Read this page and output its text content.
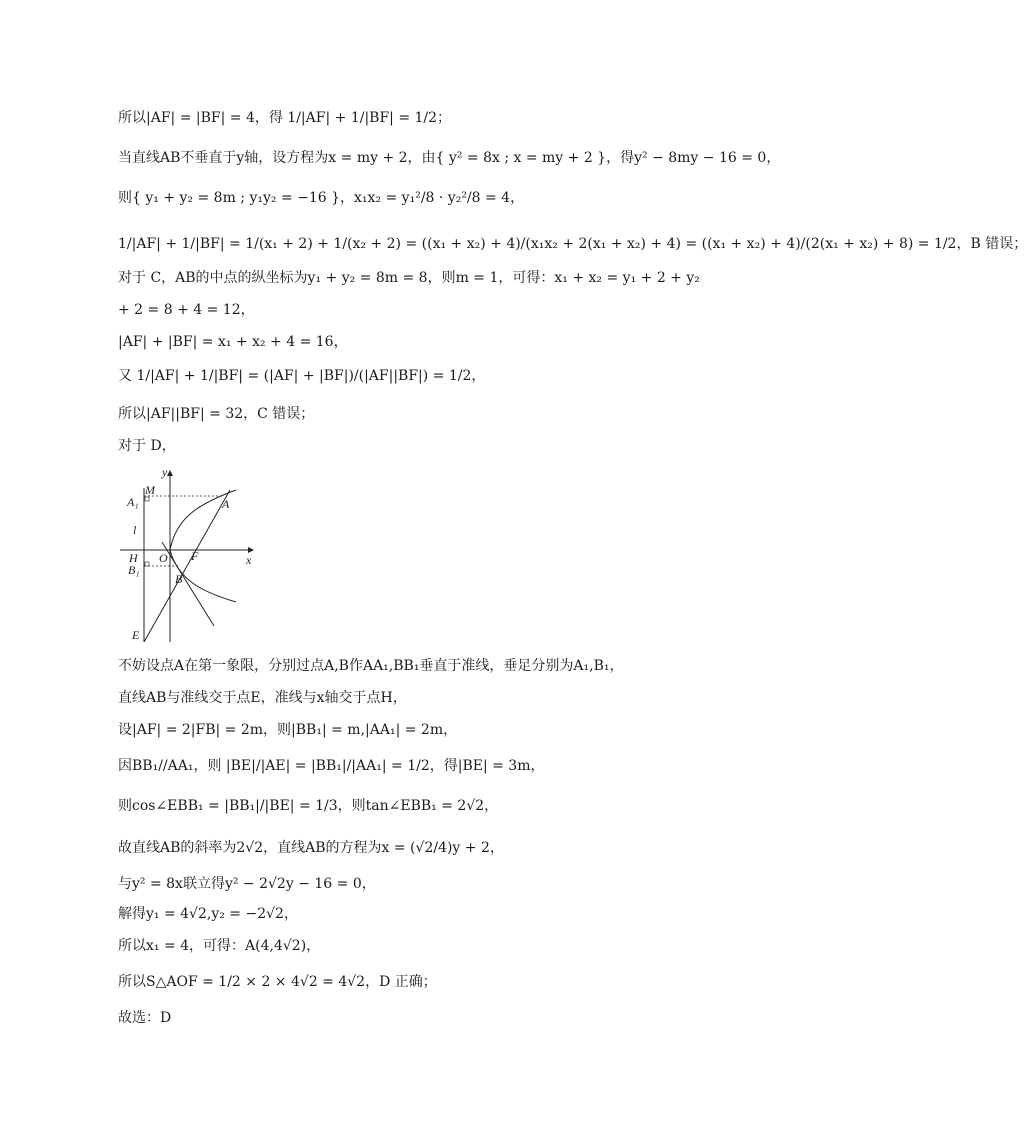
所以|AF| = |BF| = 4，得 1/|AF| + 1/|BF| = 1/2；
当直线AB不垂直于y轴，设方程为x = my + 2，由{ y² = 8x ; x = my + 2 }，得y² − 8my − 16 = 0，
则{ y₁ + y₂ = 8m ; y₁y₂ = −16 }，x₁x₂ = y₁²/8 · y₂²/8 = 4，
1/|AF| + 1/|BF| = 1/(x₁ + 2) + 1/(x₂ + 2) = ((x₁ + x₂) + 4)/(x₁x₂ + 2(x₁ + x₂) + 4) = ((x₁ + x₂) + 4)/(2(x₁ + x₂) + 8) = 1/2，B 错误；
对于 C，AB的中点的纵坐标为y₁ + y₂ = 8m = 8，则m = 1，可得：x₁ + x₂ = y₁ + 2 + y₂
+ 2 = 8 + 4 = 12，
|AF| + |BF| = x₁ + x₂ + 4 = 16，
又 1/|AF| + 1/|BF| = (|AF| + |BF|)/(|AF||BF|) = 1/2，
所以|AF||BF| = 32，C 错误；
对于 D，
y
x
M
A
A₁
l
H O F
B₁
B
E
不妨设点A在第一象限，分别过点A,B作AA₁,BB₁垂直于准线，垂足分别为A₁,B₁，
直线AB与准线交于点E，准线与x轴交于点H，
设|AF| = 2|FB| = 2m，则|BB₁| = m,|AA₁| = 2m，
因BB₁//AA₁，则 |BE|/|AE| = |BB₁|/|AA₁| = 1/2，得|BE| = 3m，
则cos∠EBB₁ = |BB₁|/|BE| = 1/3，则tan∠EBB₁ = 2√2，
故直线AB的斜率为2√2，直线AB的方程为x = (√2/4)y + 2，
与y² = 8x联立得y² − 2√2y − 16 = 0，
解得y₁ = 4√2,y₂ = −2√2，
所以x₁ = 4，可得：A(4,4√2)，
所以S△AOF = 1/2 × 2 × 4√2 = 4√2，D 正确；
故选：D
